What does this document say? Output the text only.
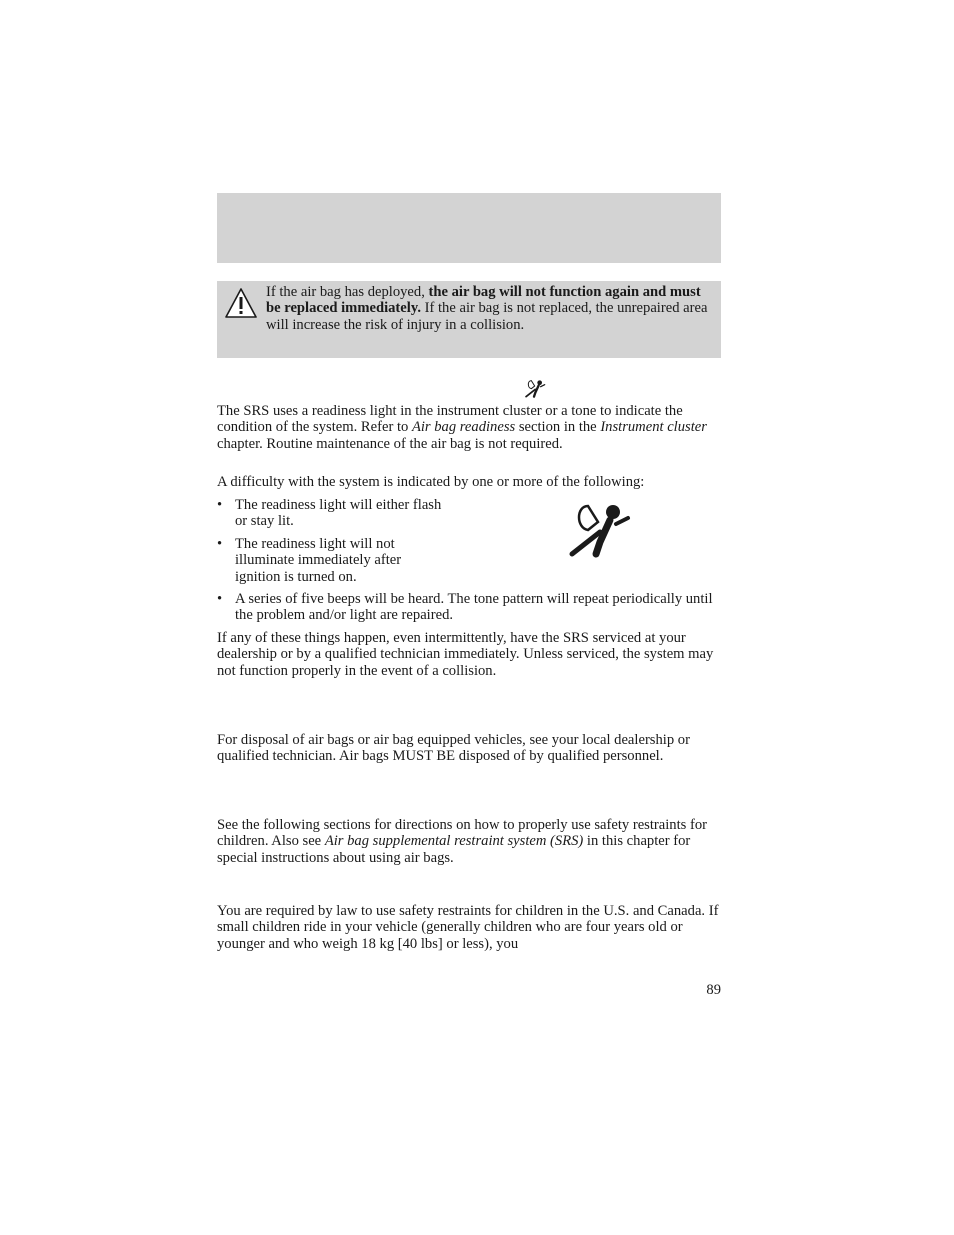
If the air bag has deployed, the air bag will not function again and must be replaced immediately. If the air bag is not replaced, the unrepaired area will increase the risk of injury in a collision.

The SRS uses a readiness light in the instrument cluster or a tone to indicate the condition of the system. Refer to Air bag readiness section in the Instrument cluster chapter. Routine maintenance of the air bag is not required.

A difficulty with the system is indicated by one or more of the following:

• The readiness light will either flash or stay lit.
• The readiness light will not illuminate immediately after ignition is turned on.
• A series of five beeps will be heard. The tone pattern will repeat periodically until the problem and/or light are repaired.

If any of these things happen, even intermittently, have the SRS serviced at your dealership or by a qualified technician immediately. Unless serviced, the system may not function properly in the event of a collision.

For disposal of air bags or air bag equipped vehicles, see your local dealership or qualified technician. Air bags MUST BE disposed of by qualified personnel.

See the following sections for directions on how to properly use safety restraints for children. Also see Air bag supplemental restraint system (SRS) in this chapter for special instructions about using air bags.

You are required by law to use safety restraints for children in the U.S. and Canada. If small children ride in your vehicle (generally children who are four years old or younger and who weigh 18 kg [40 lbs] or less), you

89
